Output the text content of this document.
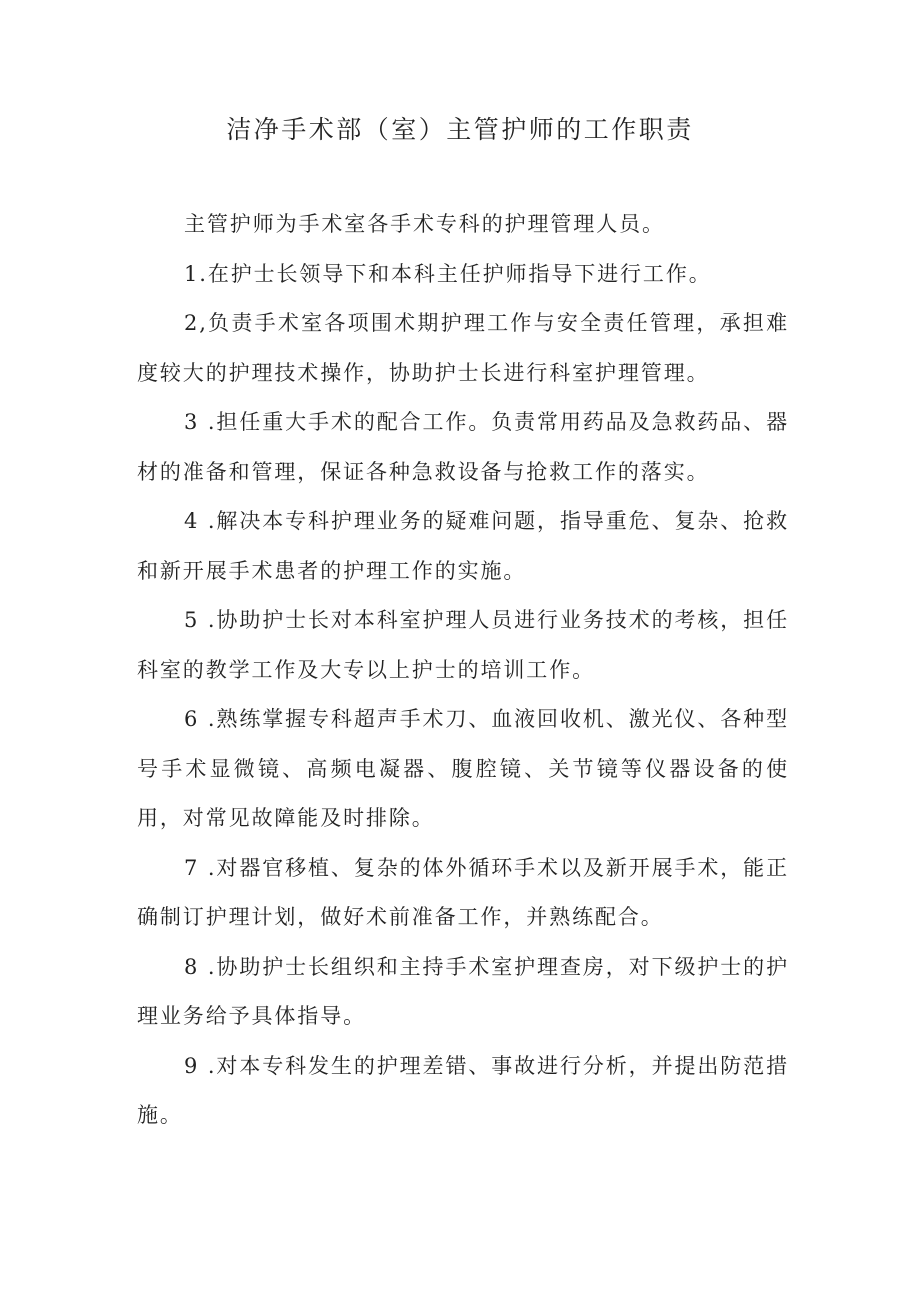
洁净手术部（室）主管护师的工作职责

主管护师为手术室各手术专科的护理管理人员。

1.在护士长领导下和本科主任护师指导下进行工作。

2,负责手术室各项围术期护理工作与安全责任管理，承担难度较大的护理技术操作，协助护士长进行科室护理管理。

3 .担任重大手术的配合工作。负责常用药品及急救药品、器材的准备和管理，保证各种急救设备与抢救工作的落实。

4 .解决本专科护理业务的疑难问题，指导重危、复杂、抢救和新开展手术患者的护理工作的实施。

5 .协助护士长对本科室护理人员进行业务技术的考核，担任科室的教学工作及大专以上护士的培训工作。

6 .熟练掌握专科超声手术刀、血液回收机、激光仪、各种型号手术显微镜、高频电凝器、腹腔镜、关节镜等仪器设备的使用，对常见故障能及时排除。

7 .对器官移植、复杂的体外循环手术以及新开展手术，能正确制订护理计划，做好术前准备工作，并熟练配合。

8 .协助护士长组织和主持手术室护理查房，对下级护士的护理业务给予具体指导。

9 .对本专科发生的护理差错、事故进行分析，并提出防范措施。
